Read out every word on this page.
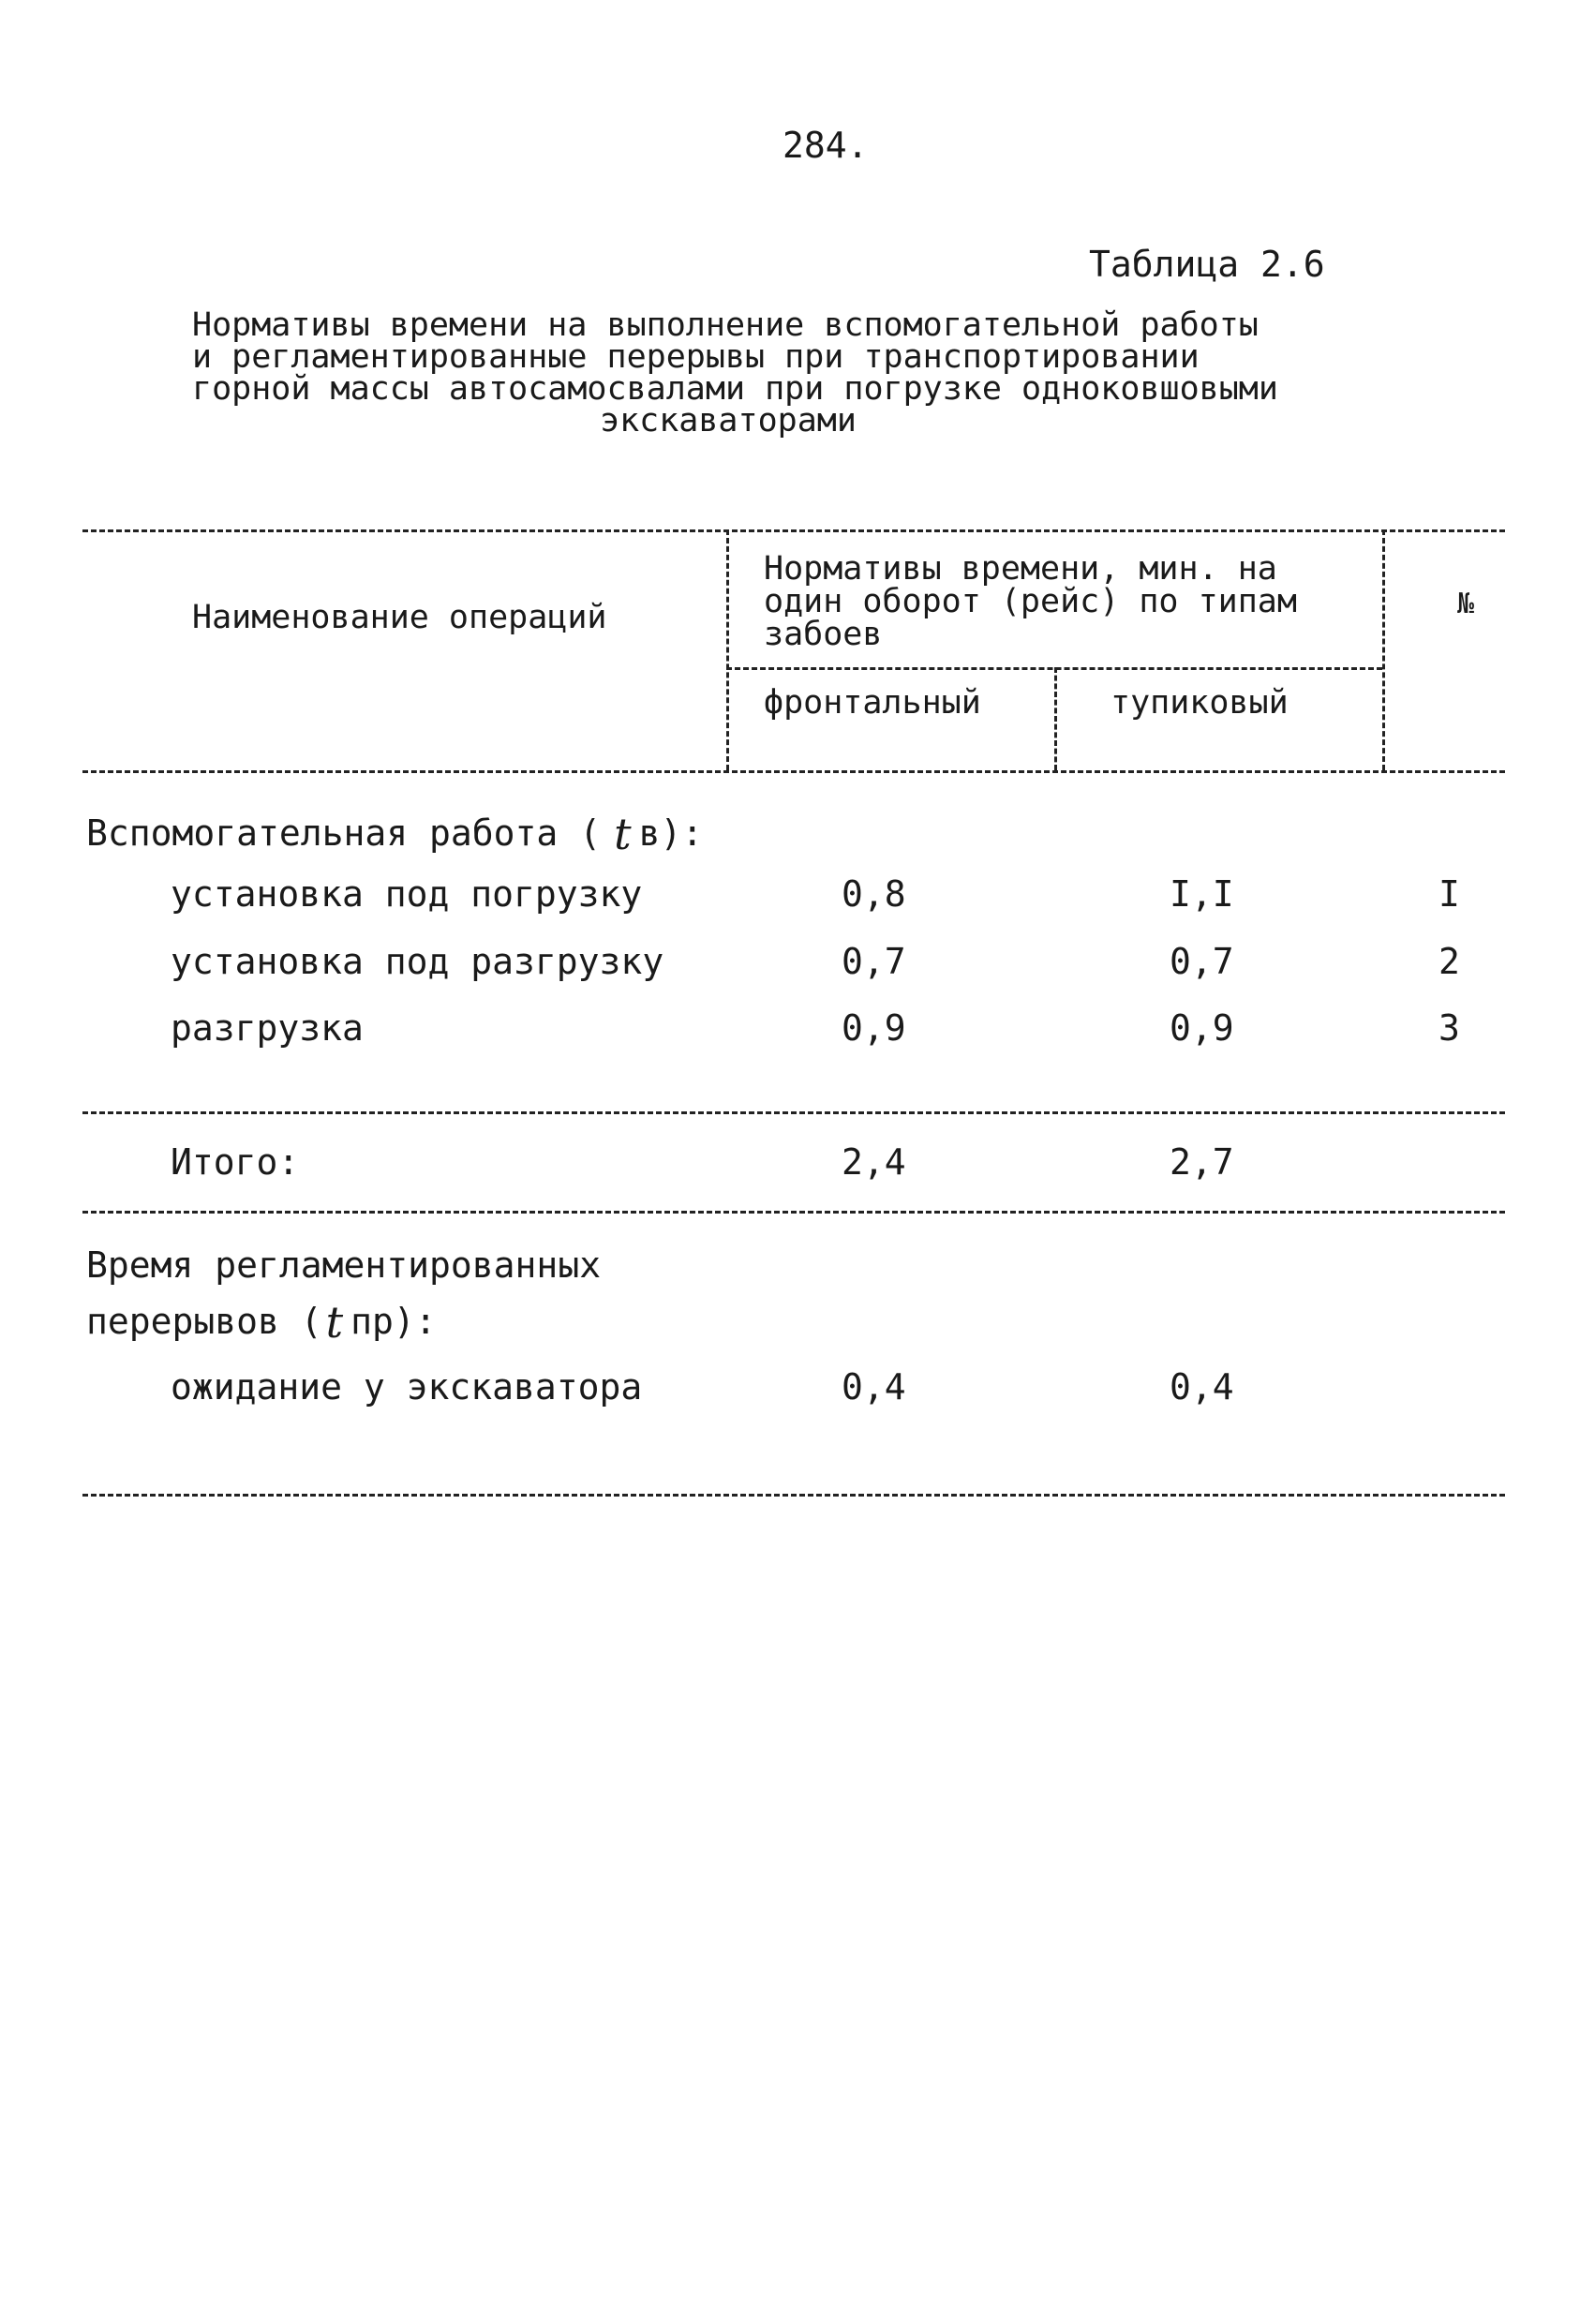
284.
Таблица 2.6
Нормативы времени на выполнение вспомогательной работы
и регламентированные перерывы при транспортировании
горной массы автосамосвалами при погрузке одноковшовыми
экскаваторами
Наименование операций
Нормативы времени, мин. на
один оборот (рейс) по типам
забоев
фронтальный	тупиковый
№
Вспомогательная работа ( t в):
установка под погрузку	0,8	I,I	I
установка под разгрузку	0,7	0,7	2
разгрузка	0,9	0,9	3
Итого:	2,4	2,7
Время регламентированных
перерывов (t пр):
ожидание у экскаватора	0,4	0,4
